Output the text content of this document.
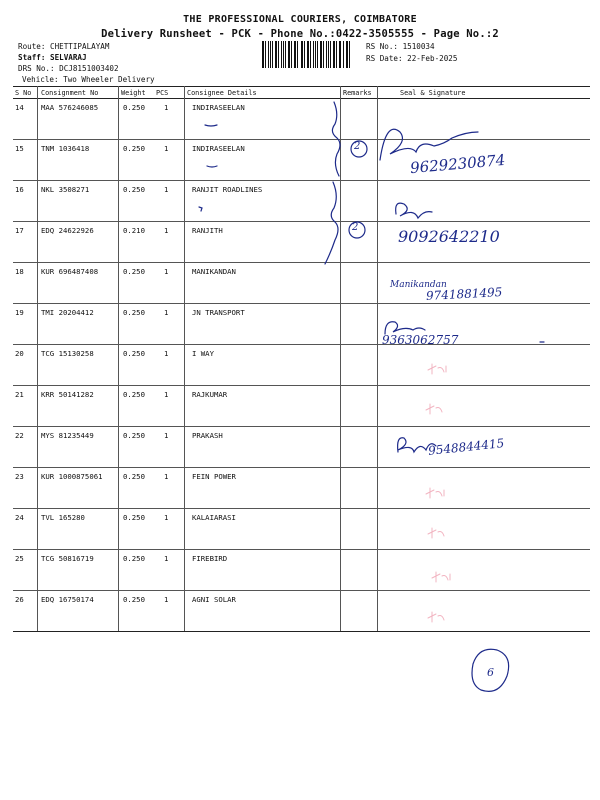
THE PROFESSIONAL COURIERS, COIMBATORE
Delivery Runsheet - PCK - Phone No.:0422-3505555 - Page No.:2
Route: CHETTIPALAYAM
Staff: SELVARAJ
DRS No.: DCJ8151003402
Vehicle: Two Wheeler Delivery
RS No.: 1510034
RS Date: 22-Feb-2025
S No Consignment No	Weight PCS	Consignee Details	Remarks	Seal & Signature
14 MAA 576246085	0.250	1	INDIRASEELAN
15 TNM 1036418	0.250	1	INDIRASEELAN
16 NKL 3508271	0.250	1	RANJIT ROADLINES
17 EDQ 24622926	0.210	1	RANJITH
18 KUR 696487408	0.250	1	MANIKANDAN
19 TMI 20204412	0.250	1	JN TRANSPORT
20 TCG 15130258	0.250	1	I WAY
21 KRR 50141282	0.250	1	RAJKUMAR
22 MYS 81235449	0.250	1	PRAKASH
23 KUR 1000875061	0.250	1	FEIN POWER
24 TVL 165280	0.250	1	KALAIARASI
25 TCG 50816719	0.250	1	FIREBIRD
26 EDQ 16750174	0.250	1	AGNI SOLAR
2
2
9629230874
9092642210
Manikandan
9741881495
9363062757
9548844415
6
